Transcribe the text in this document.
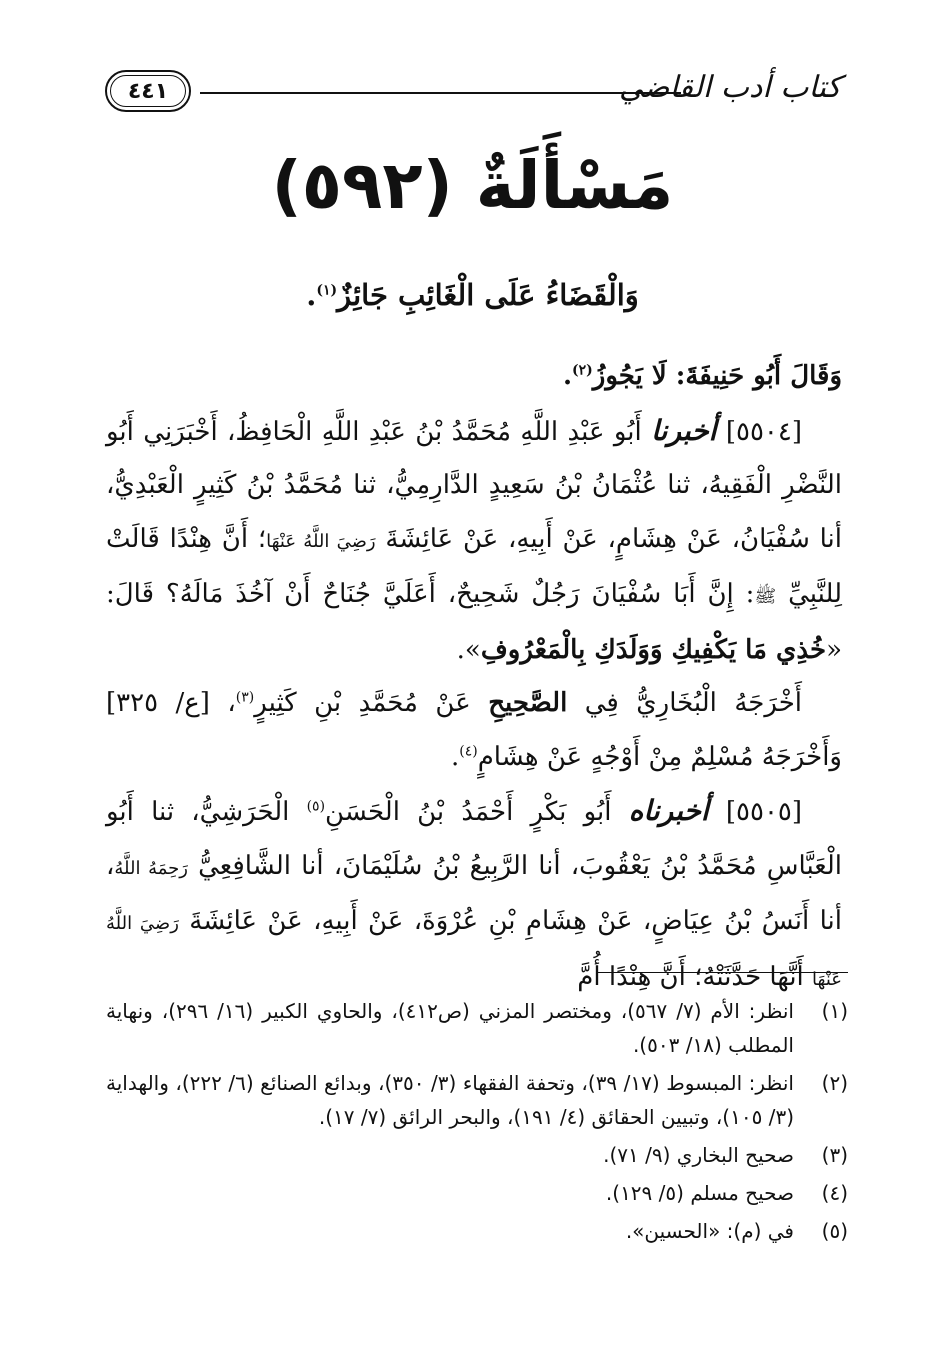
كتاب أدب القاضي
٤٤١
مَسْأَلَةٌ (٥٩٢)
وَالْقَضَاءُ عَلَى الْغَائِبِ جَائِزٌ$^{(١)}$.

وَقَالَ أَبُو حَنِيفَةَ: لَا يَجُوزُ$^{(٢)}$.

[٥٥٠٤] أخبرنا أَبُو عَبْدِ اللَّهِ مُحَمَّدُ بْنُ عَبْدِ اللَّهِ الْحَافِظُ، أَخْبَرَنِي أَبُو النَّضْرِ الْفَقِيهُ، ثنا عُثْمَانُ بْنُ سَعِيدٍ الدَّارِمِيُّ، ثنا مُحَمَّدُ بْنُ كَثِيرٍ الْعَبْدِيُّ، أنا سُفْيَانُ، عَنْ هِشَامٍ، عَنْ أَبِيهِ، عَنْ عَائِشَةَ رَضِيَ اللَّهُ عَنْهَا؛ أَنَّ هِنْدًا قَالَتْ لِلنَّبِيِّ ﷺ: إِنَّ أَبَا سُفْيَانَ رَجُلٌ شَحِيحٌ، أَعَلَيَّ جُنَاحٌ أَنْ آخُذَ مَالَهُ؟ قَالَ: «خُذِي مَا يَكْفِيكِ وَوَلَدَكِ بِالْمَعْرُوفِ».

أَخْرَجَهُ الْبُخَارِيُّ فِي الصَّحِيحِ عَنْ مُحَمَّدِ بْنِ كَثِيرٍ$^{(٣)}$، [ع/ ٣٢٥] وَأَخْرَجَهُ مُسْلِمٌ مِنْ أَوْجُهٍ عَنْ هِشَامٍ$^{(٤)}$.

[٥٥٠٥] أخبرناه أَبُو بَكْرٍ أَحْمَدُ بْنُ الْحَسَنِ$^{(٥)}$ الْحَرَشِيُّ، ثنا أَبُو الْعَبَّاسِ مُحَمَّدُ بْنُ يَعْقُوبَ، أنا الرَّبِيعُ بْنُ سُلَيْمَانَ، أنا الشَّافِعِيُّ رَحِمَهُ اللَّهُ، أنا أَنَسُ بْنُ عِيَاضٍ، عَنْ هِشَامِ بْنِ عُرْوَةَ، عَنْ أَبِيهِ، عَنْ عَائِشَةَ رَضِيَ اللَّهُ عَنْهَا أَنَّهَا حَدَّثَتْهُ؛ أَنَّ هِنْدًا أُمَّ

(١)
انظر: الأم (٧/ ٥٦٧)، ومختصر المزني (ص٤١٢)، والحاوي الكبير (١٦/ ٢٩٦)، ونهاية المطلب (١٨/ ٥٠٣).
(٢)
انظر: المبسوط (١٧/ ٣٩)، وتحفة الفقهاء (٣/ ٣٥٠)، وبدائع الصنائع (٦/ ٢٢٢)، والهداية (٣/ ١٠٥)، وتبيين الحقائق (٤/ ١٩١)، والبحر الرائق (٧/ ١٧).
(٣)
صحيح البخاري (٩/ ٧١).
(٤)
صحيح مسلم (٥/ ١٢٩).
(٥)
في (م): «الحسين».
